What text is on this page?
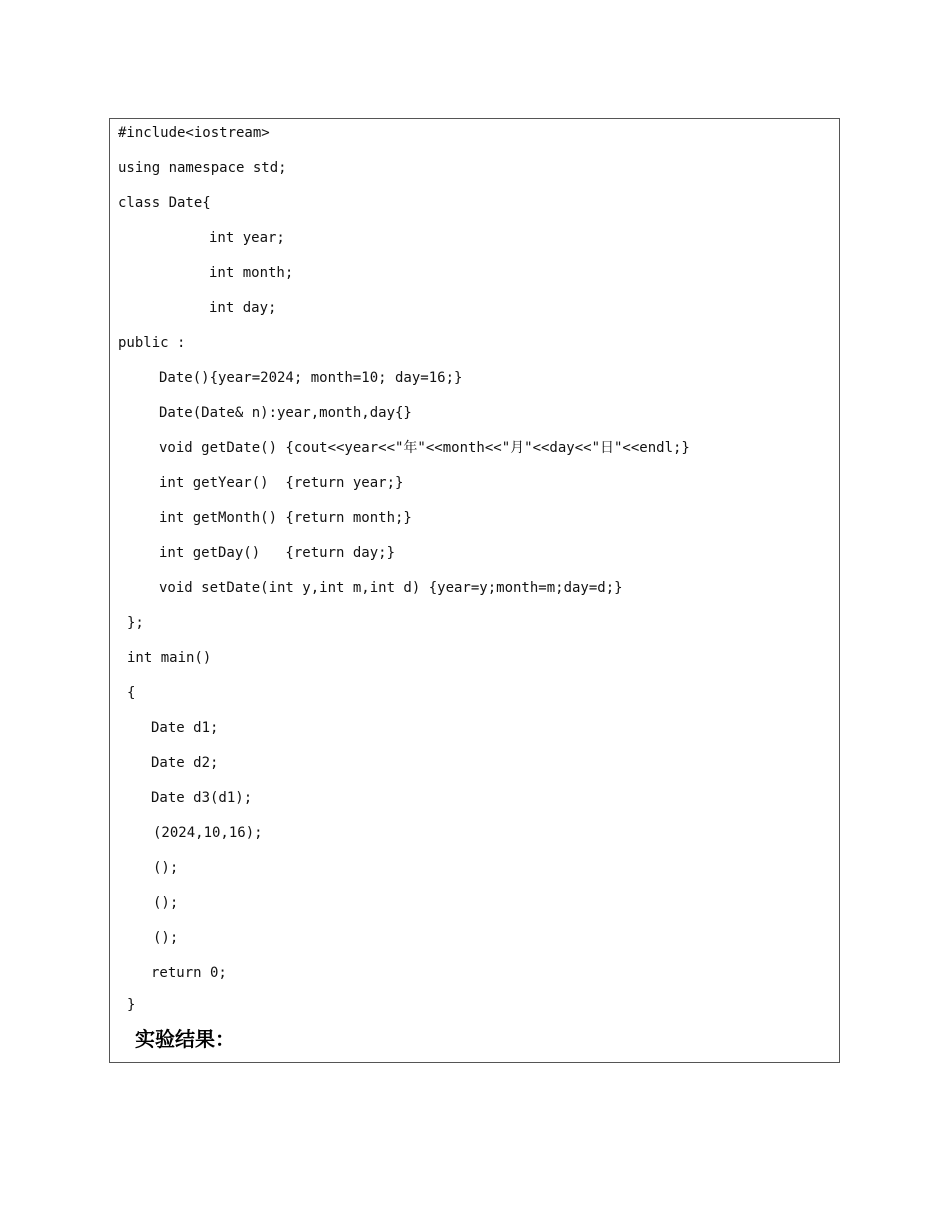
#include<iostream>
using namespace std;
class Date{
int year;
int month;
int day;
public :
Date(){year=2024; month=10; day=16;}
Date(Date& n):year,month,day{}
void getDate() {cout<<year<<"年"<<month<<"月"<<day<<"日"<<endl;}
int getYear()  {return year;}
int getMonth() {return month;}
int getDay()   {return day;}
void setDate(int y,int m,int d) {year=y;month=m;day=d;}
};
int main()
{
Date d1;
Date d2;
Date d3(d1);
(2024,10,16);
();
();
();
return 0;
}
实验结果：
